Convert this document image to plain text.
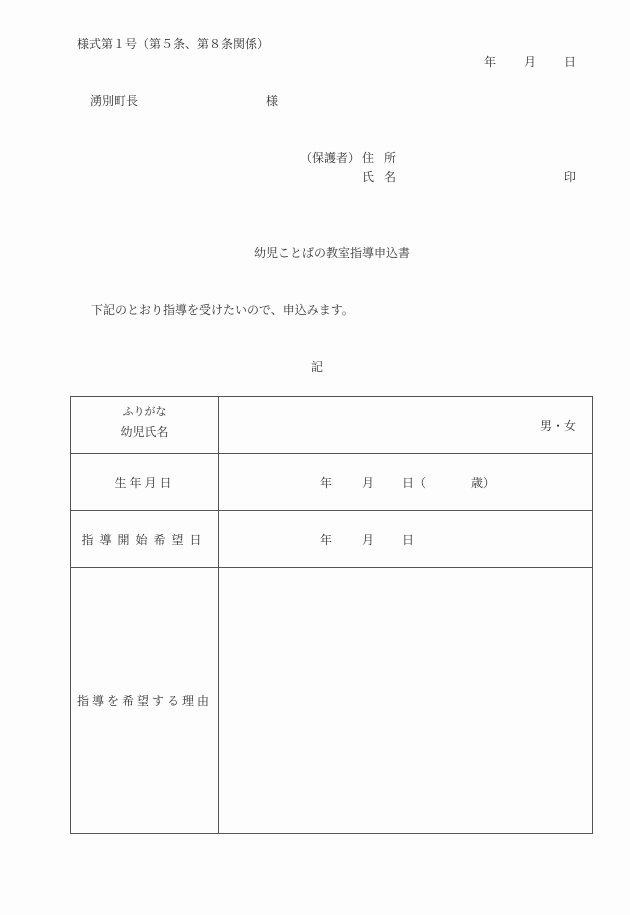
様式第１号（第５条、第８条関係）
年 月 日
湧別町長	様
（保護者） 住所
氏名	印
幼児ことばの教室指導申込書
下記のとおり指導を受けたいので、申込みます。
記
ふりがな
幼児氏名	男・女
生年月日	年 月 日（ 歳）
指導開始希望日	年 月 日
指導を希望する理由	
